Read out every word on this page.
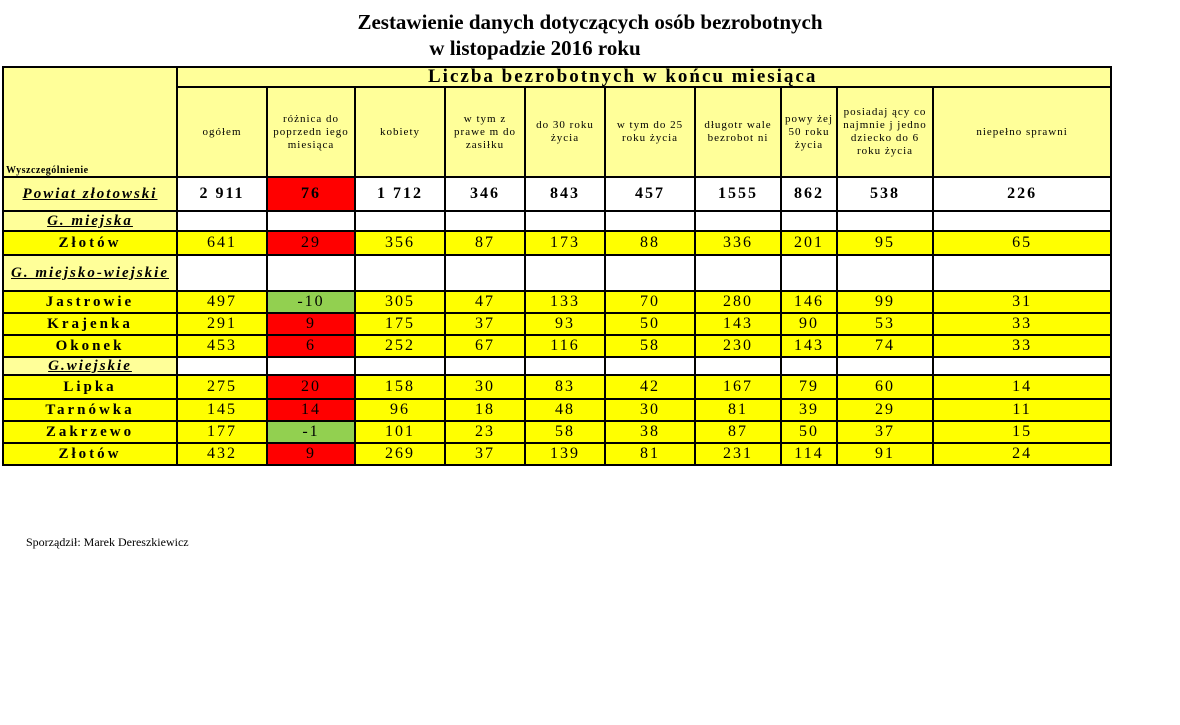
Zestawienie danych dotyczących osób bezrobotnych
w listopadzie 2016 roku
Wyszczególnienie	Liczba bezrobotnych w końcu miesiąca									
	ogółem	różnica do poprzedn iego miesiąca	kobiety	w tym z prawe m do zasiłku	do 30 roku życia	w tym do 25 roku życia	długotr wale bezrobot ni	powy żej 50 roku życia	posiadaj ący co najmnie j jedno dziecko do 6 roku życia	niepełno sprawni
Powiat złotowski	2 911	76	1 712	346	843	457	1555	862	538	226
G. miejska										
Złotów	641	29	356	87	173	88	336	201	95	65
G. miejsko-wiejskie										
Jastrowie	497	-10	305	47	133	70	280	146	99	31
Krajenka	291	9	175	37	93	50	143	90	53	33
Okonek	453	6	252	67	116	58	230	143	74	33
G.wiejskie										
Lipka	275	20	158	30	83	42	167	79	60	14
Tarnówka	145	14	96	18	48	30	81	39	29	11
Zakrzewo	177	-1	101	23	58	38	87	50	37	15
Złotów	432	9	269	37	139	81	231	114	91	24
Sporządził: Marek Dereszkiewicz
